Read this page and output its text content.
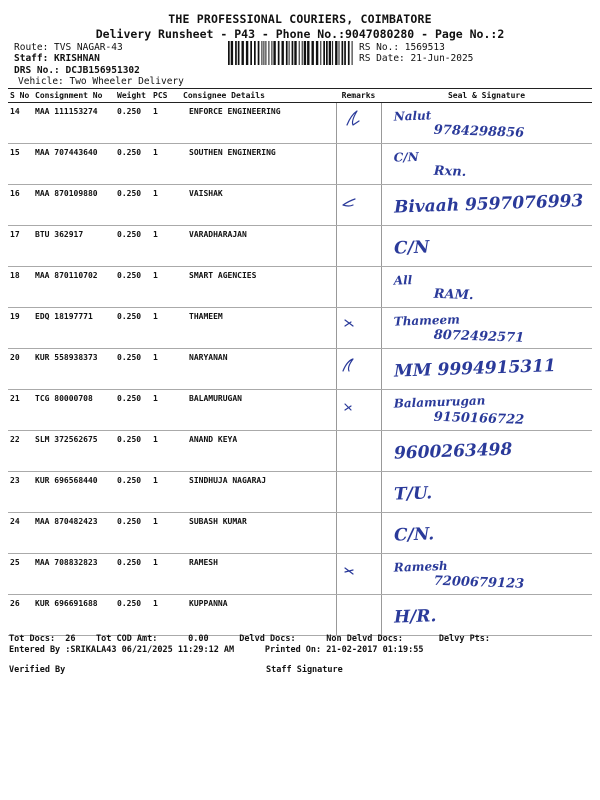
THE PROFESSIONAL COURIERS, COIMBATORE
Delivery Runsheet - P43 - Phone No.:9047080280 - Page No.:2
Route: TVS NAGAR-43
Staff: KRISHNAN
DRS No.: DCJB156951302
Vehicle: Two Wheeler Delivery
RS No.: 1569513
RS Date: 21-Jun-2025
S No	Consignment No	Weight	PCS	Consignee Details	Remarks	Seal & Signature
14	MAA 111153274	0.250	1	ENFORCE ENGINEERING		Nalut
9784298856

15	MAA 707443640	0.250	1	SOUTHEN ENGINERING		C/N
Rxn.

16	MAA 870109880	0.250	1	VAISHAK		Bivaah 9597076993

17	BTU 362917	0.250	1	VARADHARAJAN		C/N

18	MAA 870110702	0.250	1	SMART AGENCIES		All
RAM.

19	EDQ 18197771	0.250	1	THAMEEM		Thameem
8072492571

20	KUR 558938373	0.250	1	NARYANAN		MM 9994915311

21	TCG 80000708	0.250	1	BALAMURUGAN		Balamurugan
9150166722

22	SLM 372562675	0.250	1	ANAND KEYA		9600263498

23	KUR 696568440	0.250	1	SINDHUJA NAGARAJ		T/U.

24	MAA 870482423	0.250	1	SUBASH KUMAR		C/N.

25	MAA 708832823	0.250	1	RAMESH		Ramesh
7200679123

26	KUR 696691688	0.250	1	KUPPANNA		H/R.
Tot Docs:  26    Tot COD Amt:      0.00      Delvd Docs:      Non Delvd Docs:       Delvy Pts:
Entered By :SRIKALA43 06/21/2025 11:29:12 AM      Printed On: 21-02-2017 01:19:55
Verified By	Staff Signature
